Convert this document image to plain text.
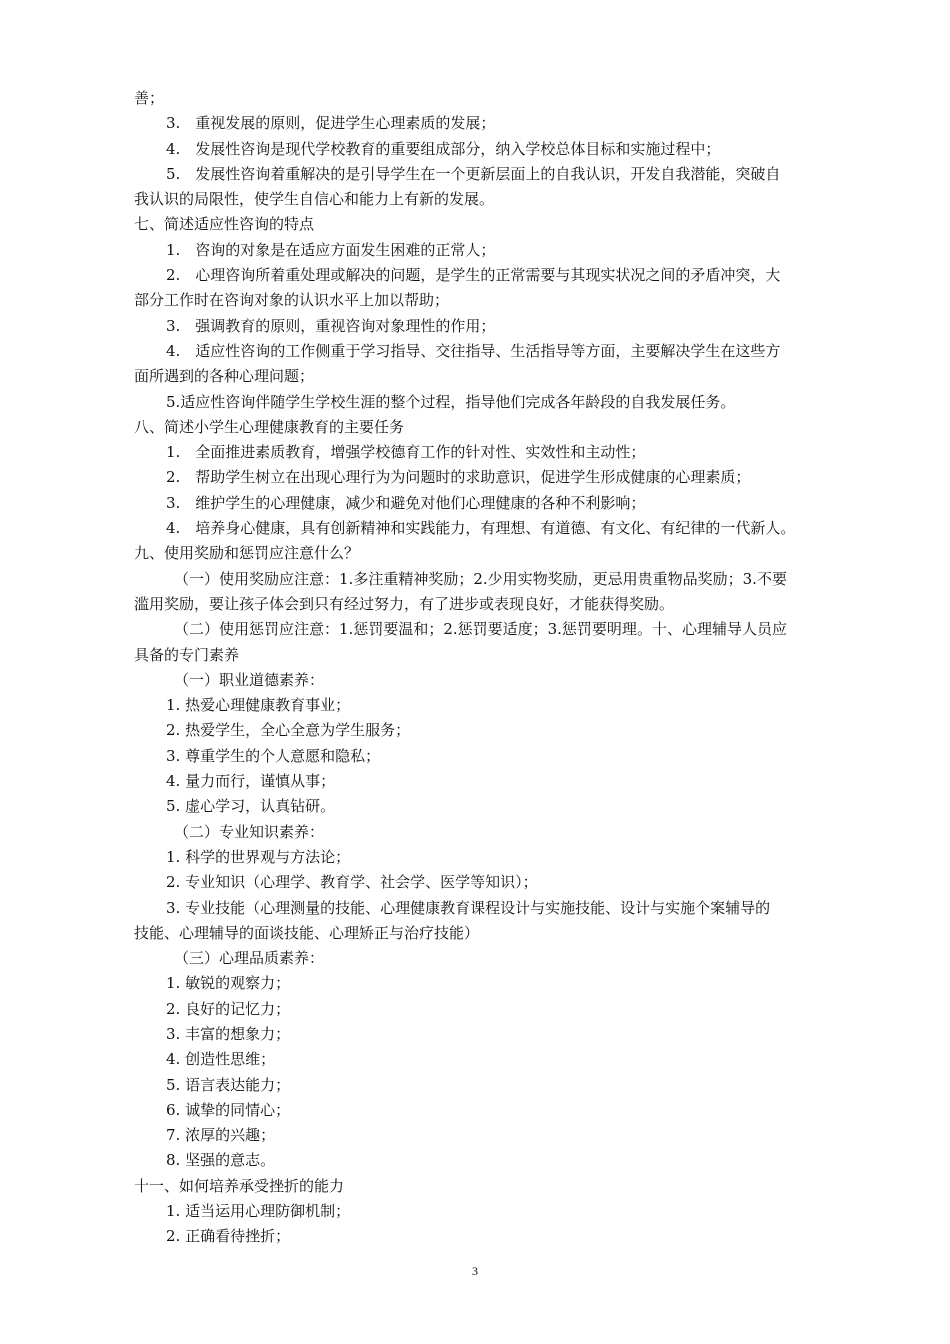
善；
3.　重视发展的原则，促进学生心理素质的发展；
4.　发展性咨询是现代学校教育的重要组成部分，纳入学校总体目标和实施过程中；
5.　发展性咨询着重解决的是引导学生在一个更新层面上的自我认识，开发自我潜能，突破自
我认识的局限性，使学生自信心和能力上有新的发展。
七、简述适应性咨询的特点
1.　咨询的对象是在适应方面发生困难的正常人；
2.　心理咨询所着重处理或解决的问题，是学生的正常需要与其现实状况之间的矛盾冲突，大
部分工作时在咨询对象的认识水平上加以帮助；
3.　强调教育的原则，重视咨询对象理性的作用；
4.　适应性咨询的工作侧重于学习指导、交往指导、生活指导等方面，主要解决学生在这些方
面所遇到的各种心理问题；
5.适应性咨询伴随学生学校生涯的整个过程，指导他们完成各年龄段的自我发展任务。
八、简述小学生心理健康教育的主要任务
1.　全面推进素质教育，增强学校德育工作的针对性、实效性和主动性；
2.　帮助学生树立在出现心理行为为问题时的求助意识，促进学生形成健康的心理素质；
3.　维护学生的心理健康，减少和避免对他们心理健康的各种不利影响；
4.　培养身心健康，具有创新精神和实践能力，有理想、有道德、有文化、有纪律的一代新人。
九、使用奖励和惩罚应注意什么？
（一）使用奖励应注意：1.多注重精神奖励；2.少用实物奖励，更忌用贵重物品奖励；3.不要
滥用奖励，要让孩子体会到只有经过努力，有了进步或表现良好，才能获得奖励。
（二）使用惩罚应注意：1.惩罚要温和；2.惩罚要适度；3.惩罚要明理。十、心理辅导人员应
具备的专门素养
（一）职业道德素养：
1. 热爱心理健康教育事业；
2. 热爱学生，全心全意为学生服务；
3. 尊重学生的个人意愿和隐私；
4. 量力而行，谨慎从事；
5. 虚心学习，认真钻研。
（二）专业知识素养：
1. 科学的世界观与方法论；
2. 专业知识（心理学、教育学、社会学、医学等知识）；
3. 专业技能（心理测量的技能、心理健康教育课程设计与实施技能、设计与实施个案辅导的
技能、心理辅导的面谈技能、心理矫正与治疗技能）
（三）心理品质素养：
1. 敏锐的观察力；
2. 良好的记忆力；
3. 丰富的想象力；
4. 创造性思维；
5. 语言表达能力；
6. 诚挚的同情心；
7. 浓厚的兴趣；
8. 坚强的意志。
十一、如何培养承受挫折的能力
1. 适当运用心理防御机制；
2. 正确看待挫折；
3
